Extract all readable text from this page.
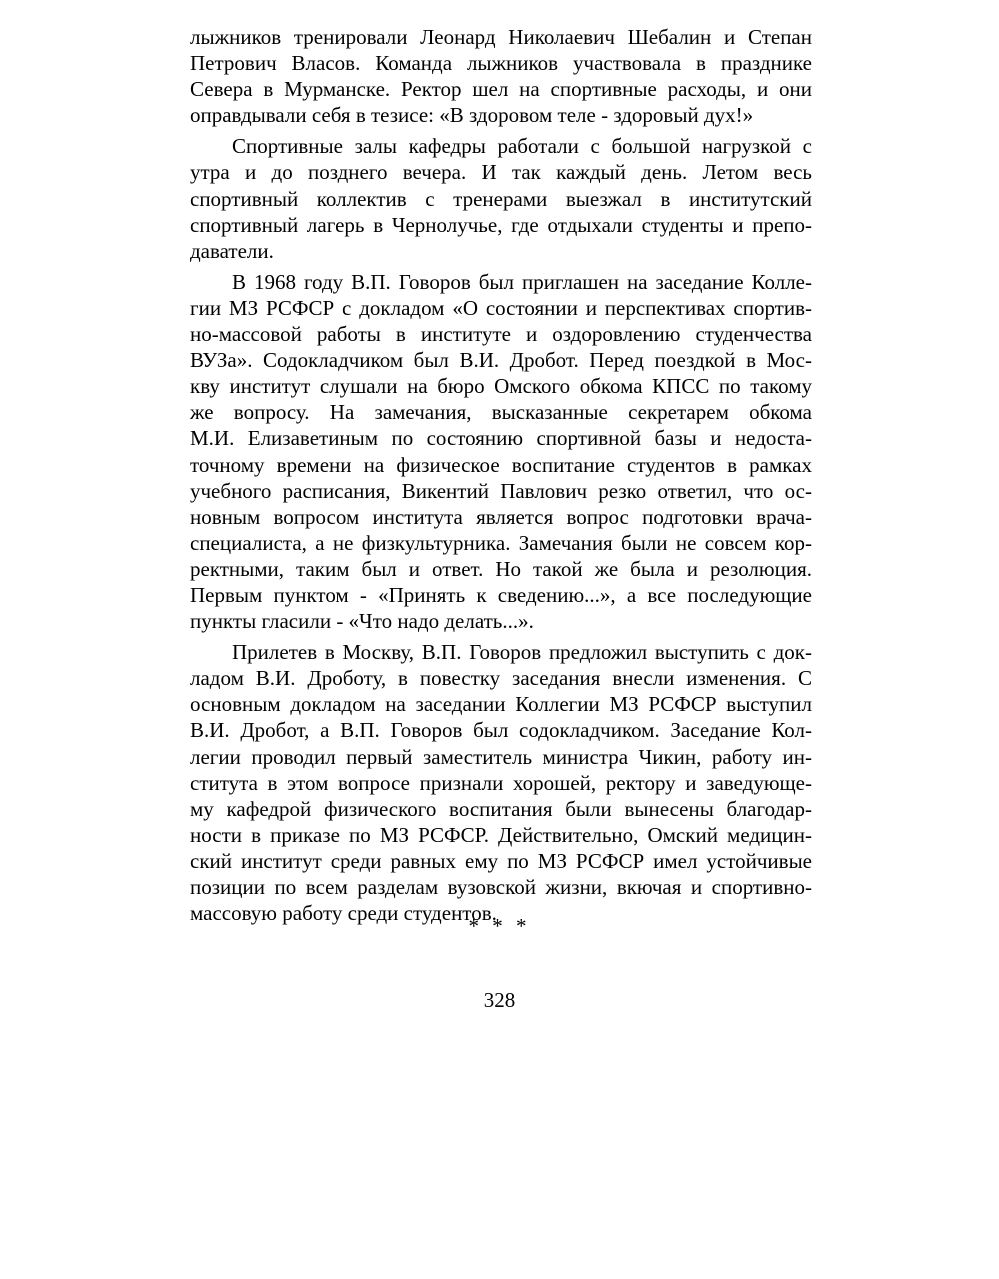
лыжников тренировали Леонард Николаевич Шебалин и Степан
Петрович Власов. Команда лыжников участвовала в празднике
Севера в Мурманске. Ректор шел на спортивные расходы, и они
оправдывали себя в тезисе: «В здоровом теле - здоровый дух!»

Спортивные залы кафедры работали с большой нагрузкой с
утра и до позднего вечера. И так каждый день. Летом весь
спортивный коллектив с тренерами выезжал в институтский
спортивный лагерь в Чернолучье, где отдыхали студенты и препо-
даватели.

В 1968 году В.П. Говоров был приглашен на заседание Колле-
гии МЗ РСФСР с докладом «О состоянии и перспективах спортив-
но-массовой работы в институте и оздоровлению студенчества
ВУЗа». Содокладчиком был В.И. Дробот. Перед поездкой в Мос-
кву институт слушали на бюро Омского обкома КПСС по такому
же вопросу. На замечания, высказанные секретарем обкома
М.И. Елизаветиным по состоянию спортивной базы и недоста-
точному времени на физическое воспитание студентов в рамках
учебного расписания, Викентий Павлович резко ответил, что ос-
новным вопросом института является вопрос подготовки врача-
специалиста, а не физкультурника. Замечания были не совсем кор-
ректными, таким был и ответ. Но такой же была и резолюция.
Первым пунктом - «Принять к сведению...», а все последующие
пункты гласили - «Что надо делать...».

Прилетев в Москву, В.П. Говоров предложил выступить с док-
ладом В.И. Дроботу, в повестку заседания внесли изменения. С
основным докладом на заседании Коллегии МЗ РСФСР выступил
В.И. Дробот, а В.П. Говоров был содокладчиком. Заседание Кол-
легии проводил первый заместитель министра Чикин, работу ин-
ститута в этом вопросе признали хорошей, ректору и заведующе-
му кафедрой физического воспитания были вынесены благодар-
ности в приказе по МЗ РСФСР. Действительно, Омский медицин-
ский институт среди равных ему по МЗ РСФСР имел устойчивые
позиции по всем разделам вузовской жизни, вкючая и спортивно-
массовую работу среди студентов.

* * *
328
